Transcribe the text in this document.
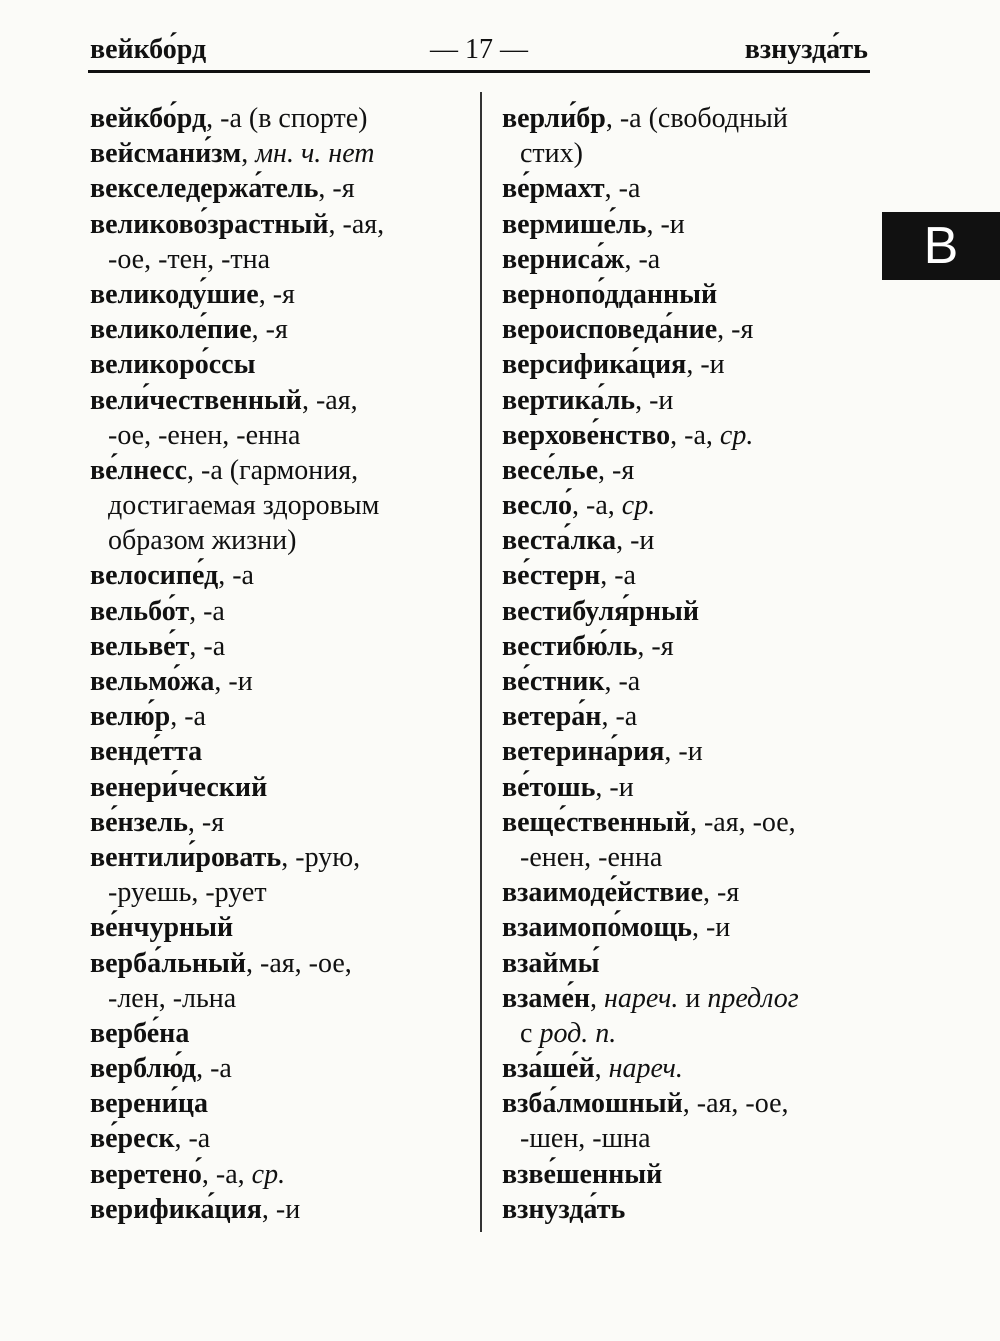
вейкбо́рд	— 17 —	взнузда́ть
В
вейкбо́рд, -а (в спорте)
вейсмани́зм, мн. ч. нет
векселедержа́тель, -я
великово́зрастный, -ая,
-ое, -тен, -тна
великоду́шие, -я
великоле́пие, -я
великоро́ссы
вели́чественный, -ая,
-ое, -енен, -енна
ве́лнесс, -а (гармония,
достигаемая здоровым
образом жизни)
велосипе́д, -а
вельбо́т, -а
вельве́т, -а
вельмо́жа, -и
велю́р, -а
венде́тта
венери́ческий
ве́нзель, -я
вентили́ровать, -рую,
-руешь, -рует
ве́нчурный
верба́льный, -ая, -ое,
-лен, -льна
вербе́на
верблю́д, -а
верени́ца
ве́реск, -а
веретено́, -а, ср.
верифика́ция, -и
верли́бр, -а (свободный
стих)
ве́рмахт, -а
вермише́ль, -и
верниса́ж, -а
вернопо́дданный
вероисповеда́ние, -я
версифика́ция, -и
вертика́ль, -и
верхове́нство, -а, ср.
весе́лье, -я
весло́, -а, ср.
веста́лка, -и
ве́стерн, -а
вестибуля́рный
вестибю́ль, -я
ве́стник, -а
ветера́н, -а
ветерина́рия, -и
ве́тошь, -и
веще́ственный, -ая, -ое,
-енен, -енна
взаимоде́йствие, -я
взаимопо́мощь, -и
взаймы́
взаме́н, нареч. и предлог
с род. п.
вза́ше́й, нареч.
взба́лмошный, -ая, -ое,
-шен, -шна
взве́шенный
взнузда́ть
